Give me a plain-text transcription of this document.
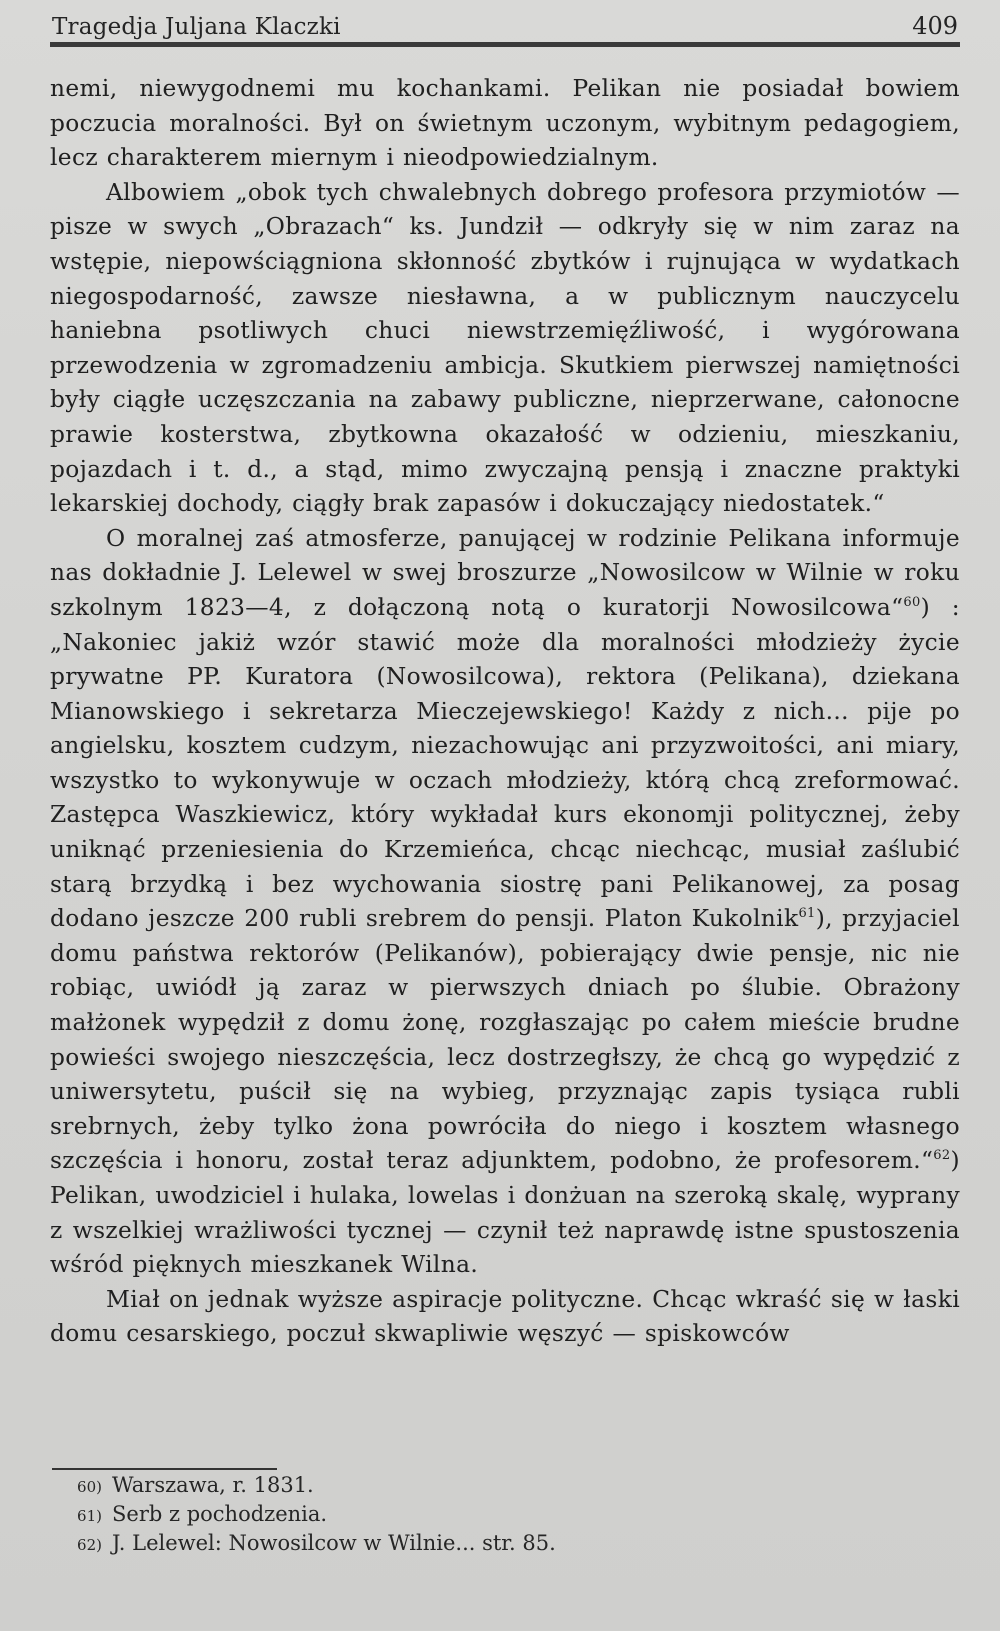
Tragedja Juljana Klaczki	409

nemi, niewygodnemi mu kochankami. Pelikan nie posiadał bowiem poczucia moralności. Był on świetnym uczonym, wybitnym pedagogiem, lecz charakterem miernym i nieodpowiedzialnym.

Albowiem „obok tych chwalebnych dobrego profesora przymiotów — pisze w swych „Obrazach“ ks. Jundził — odkryły się w nim zaraz na wstępie, niepowściągniona skłonność zbytków i rujnująca w wydatkach niegospodarność, zawsze niesławna, a w publicznym nauczycelu haniebna psotliwych chuci niewstrzemięźliwość, i wygórowana przewodzenia w zgromadzeniu ambicja. Skutkiem pierwszej namiętności były ciągłe uczęszczania na zabawy publiczne, nieprzerwane, całonocne prawie kosterstwa, zbytkowna okazałość w odzieniu, mieszkaniu, pojazdach i t. d., a stąd, mimo zwyczajną pensją i znaczne praktyki lekarskiej dochody, ciągły brak zapasów i dokuczający niedostatek.“

O moralnej zaś atmosferze, panującej w rodzinie Pelikana informuje nas dokładnie J. Lelewel w swej broszurze „Nowosilcow w Wilnie w roku szkolnym 1823—4, z dołączoną notą o kuratorji Nowosilcowa“$^{60}$) : „Nakoniec jakiż wzór stawić może dla moralności młodzieży życie prywatne PP. Kuratora (Nowosilcowa), rektora (Pelikana), dziekana Mianowskiego i sekretarza Mieczejewskiego! Każdy z nich... pije po angielsku, kosztem cudzym, niezachowując ani przyzwoitości, ani miary, wszystko to wykonywuje w oczach młodzieży, którą chcą zreformować. Zastępca Waszkiewicz, który wykładał kurs ekonomji politycznej, żeby uniknąć przeniesienia do Krzemieńca, chcąc niechcąc, musiał zaślubić starą brzydką i bez wychowania siostrę pani Pelikanowej, za posag dodano jeszcze 200 rubli srebrem do pensji. Platon Kukolnik$^{61}$), przyjaciel domu państwa rektorów (Pelikanów), pobierający dwie pensje, nic nie robiąc, uwiódł ją zaraz w pierwszych dniach po ślubie. Obrażony małżonek wypędził z domu żonę, rozgłaszając po całem mieście brudne powieści swojego nieszczęścia, lecz dostrzegłszy, że chcą go wypędzić z uniwersytetu, puścił się na wybieg, przyznając zapis tysiąca rubli srebrnych, żeby tylko żona powróciła do niego i kosztem własnego szczęścia i honoru, został teraz adjunktem, podobno, że profesorem.“$^{62}$) Pelikan, uwodziciel i hulaka, lowelas i donżuan na szeroką skalę, wyprany z wszelkiej wrażliwości tycznej — czynił też naprawdę istne spustoszenia wśród pięknych mieszkanek Wilna.

Miał on jednak wyższe aspiracje polityczne. Chcąc wkraść się w łaski domu cesarskiego, poczuł skwapliwie węszyć — spiskowców

60) Warszawa, r. 1831.
61) Serb z pochodzenia.
62) J. Lelewel: Nowosilcow w Wilnie... str. 85.
